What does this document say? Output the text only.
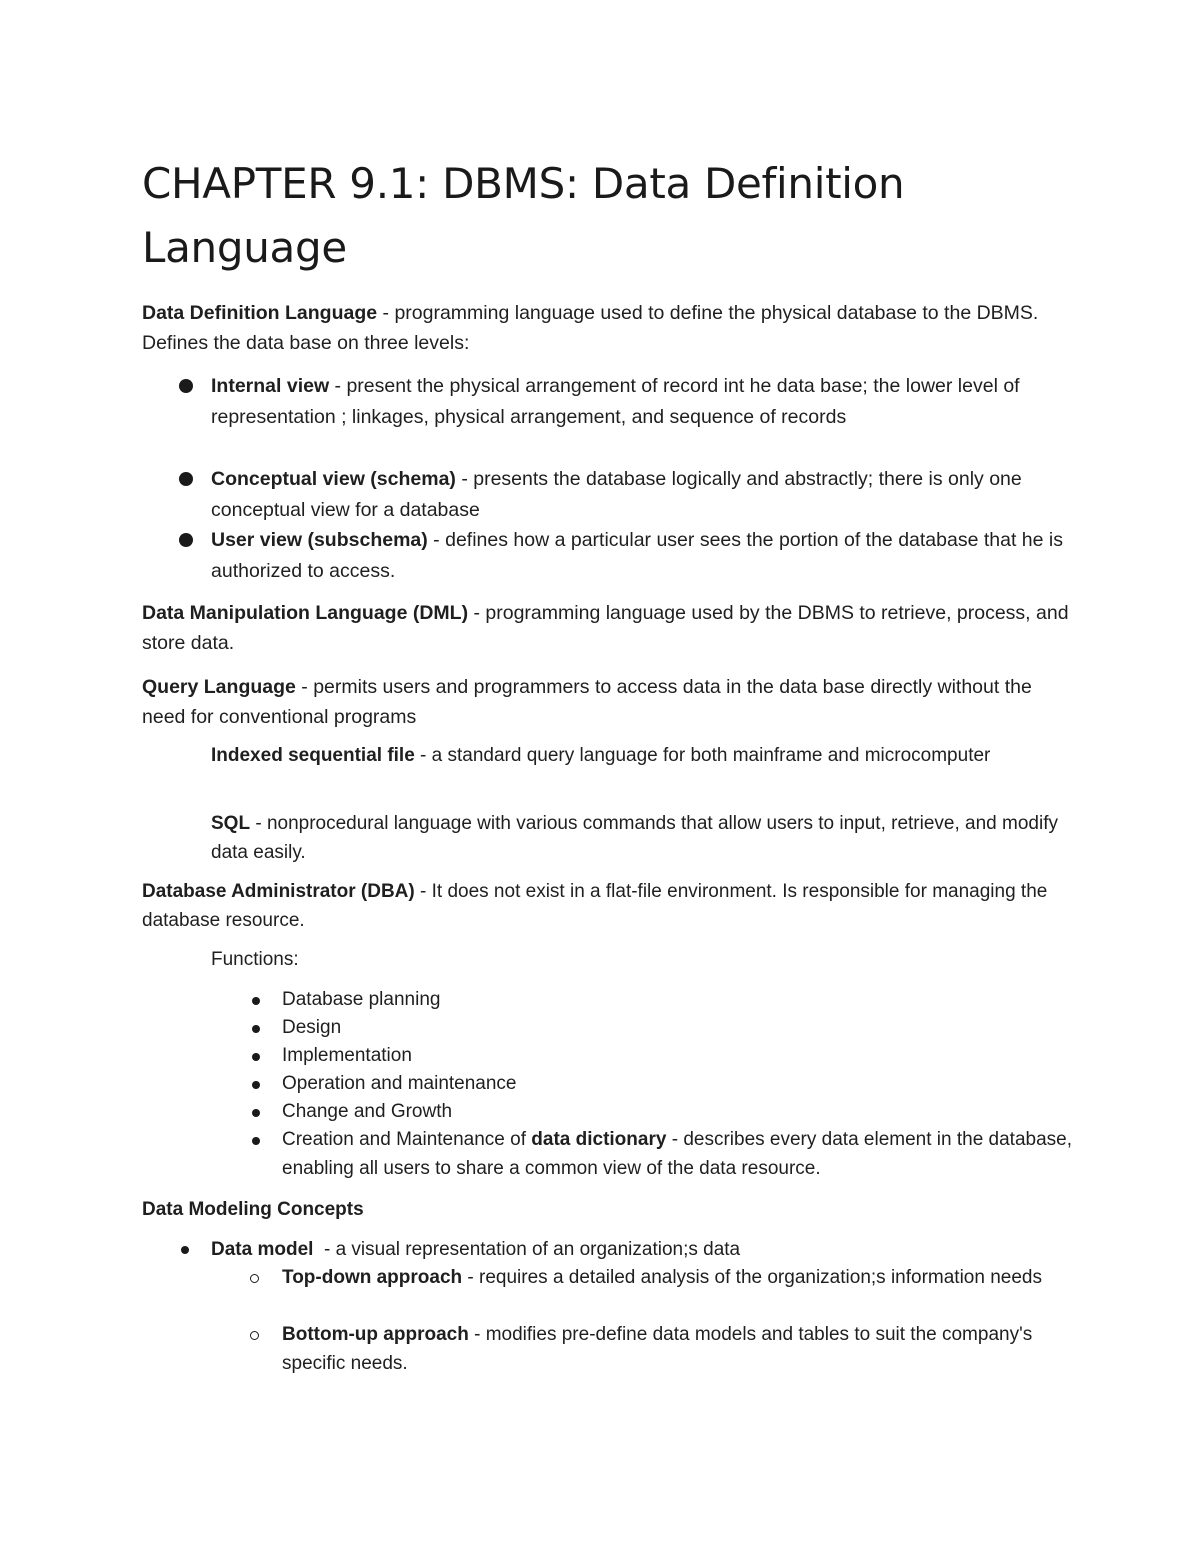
CHAPTER 9.1: DBMS: Data Definition Language

Data Definition Language - programming language used to define the physical database to the DBMS. Defines the data base on three levels:

Internal view - present the physical arrangement of record int he data base; the lower level of representation ; linkages, physical arrangement, and sequence of records

Conceptual view (schema) - presents the database logically and abstractly; there is only one conceptual view for a database

User view (subschema) - defines how a particular user sees the portion of the database that he is authorized to access.

Data Manipulation Language (DML) - programming language used by the DBMS to retrieve, process, and store data.

Query Language - permits users and programmers to access data in the data base directly without the need for conventional programs

Indexed sequential file - a standard query language for both mainframe and microcomputer

SQL - nonprocedural language with various commands that allow users to input, retrieve, and modify data easily.

Database Administrator (DBA) - It does not exist in a flat-file environment. Is responsible for managing the database resource.

Functions:

Database planning

Design

Implementation

Operation and maintenance

Change and Growth

Creation and Maintenance of data dictionary - describes every data element in the database, enabling all users to share a common view of the data resource.

Data Modeling Concepts

Data model  - a visual representation of an organization;s data

Top-down approach - requires a detailed analysis of the organization;s information needs

Bottom-up approach - modifies pre-define data models and tables to suit the company's specific needs.
